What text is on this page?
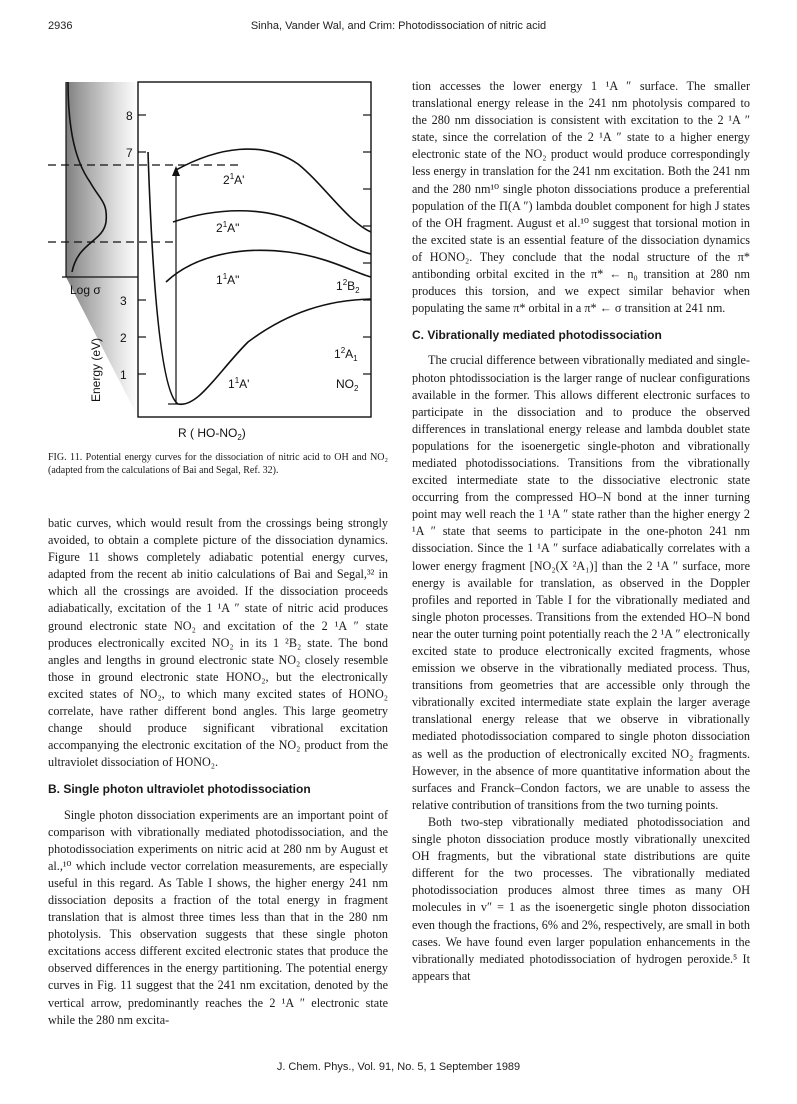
2936	Sinha, Vander Wal, and Crim: Photodissociation of nitric acid
8
7
3
2
1
Log σ
Energy (eV)
$2^1A'$
$2^1A$"
$1^1A$"
$1^1A'$
$1^2B_2$
$1^2A_1$
$NO_2$
R ( $HO-NO_2$)
FIG. 11. Potential energy curves for the dissociation of nitric acid to OH and NO₂ (adapted from the calculations of Bai and Segal, Ref. 32).

batic curves, which would result from the crossings being strongly avoided, to obtain a complete picture of the dissociation dynamics. Figure 11 shows completely adiabatic potential energy curves, adapted from the recent ab initio calculations of Bai and Segal,³² in which all the crossings are avoided. If the dissociation proceeds adiabatically, excitation of the 1 ¹A ″ state of nitric acid produces ground electronic state NO₂ and excitation of the 2 ¹A ″ state produces electronically excited NO₂ in its 1 ²B₂ state. The bond angles and lengths in ground electronic state NO₂ closely resemble those in ground electronic state HONO₂, but the electronically excited states of NO₂, to which many excited states of HONO₂ correlate, have rather different bond angles. This large geometry change should produce significant vibrational excitation accompanying the electronic excitation of the NO₂ product from the ultraviolet dissociation of HONO₂.

B. Single photon ultraviolet photodissociation

Single photon dissociation experiments are an important point of comparison with vibrationally mediated photodissociation, and the photodissociation experiments on nitric acid at 280 nm by August et al.,¹⁰ which include vector correlation measurements, are especially useful in this regard. As Table I shows, the higher energy 241 nm dissociation deposits a fraction of the total energy in fragment translation that is almost three times less than that in the 280 nm photolysis. This observation suggests that these single photon excitations access different excited electronic states that produce the observed differences in the energy partitioning. The potential energy curves in Fig. 11 suggest that the 241 nm excitation, denoted by the vertical arrow, predominantly reaches the 2 ¹A ″ electronic state while the 280 nm excita-

tion accesses the lower energy 1 ¹A ″ surface. The smaller translational energy release in the 241 nm photolysis compared to the 280 nm dissociation is consistent with excitation to the 2 ¹A ″ state, since the correlation of the 2 ¹A ″ state to a higher energy electronic state of the NO₂ product would produce correspondingly less energy in translation for the 241 nm excitation. Both the 241 nm and the 280 nm¹⁰ single photon dissociations produce a preferential population of the Π(A ″) lambda doublet component for high J states of the OH fragment. August et al.¹⁰ suggest that torsional motion in the excited state is an essential feature of the dissociation dynamics of HONO₂. They conclude that the nodal structure of the π* antibonding orbital excited in the π* ← n₀ transition at 280 nm produces this torsion, and we expect similar behavior when populating the same π* orbital in a π* ← σ transition at 241 nm.

C. Vibrationally mediated photodissociation

The crucial difference between vibrationally mediated and single-photon phtodissociation is the larger range of nuclear configurations available in the former. This allows different electronic surfaces to participate in the dissociation and to produce the observed differences in translational energy release and lambda doublet state populations for the isoenergetic single-photon and vibrationally mediated photodissociations. Transitions from the vibrationally excited intermediate state to the dissociative electronic state occurring from the compressed HO–N bond at the inner turning point may well reach the 1 ¹A ″ state rather than the higher energy 2 ¹A ″ state that seems to participate in the one-photon 241 nm dissociation. Since the 1 ¹A ″ surface adiabatically correlates with a lower energy fragment [NO₂(X ²A₁)] than the 2 ¹A ″ surface, more energy is available for translation, as observed in the Doppler profiles and reported in Table I for the vibrationally mediated and single photon processes. Transitions from the extended HO–N bond near the outer turning point potentially reach the 2 ¹A ″ electronically excited state to produce electronically excited fragments, whose emission we observe in the vibrationally mediated process. Thus, transitions from geometries that are accessible only through the vibrationally excited intermediate state explain the larger average translational energy release that we observe in vibrationally mediated photodissociation compared to single photon dissociation as well as the production of electronically excited NO₂ fragments. However, in the absence of more quantitative information about the surfaces and Franck–Condon factors, we are unable to assess the relative contribution of transitions from the two turning points.

Both two-step vibrationally mediated photodissociation and single photon dissociation produce mostly vibrationally unexcited OH fragments, but the vibrational state distributions are quite different for the two processes. The vibrationally mediated photodissociation produces almost three times as many OH molecules in v″ = 1 as the isoenergetic single photon dissociation even though the fractions, 6% and 2%, respectively, are small in both cases. We have found even larger population enhancements in the vibrationally mediated photodissociation of hydrogen peroxide.⁵ It appears that

J. Chem. Phys., Vol. 91, No. 5, 1 September 1989
